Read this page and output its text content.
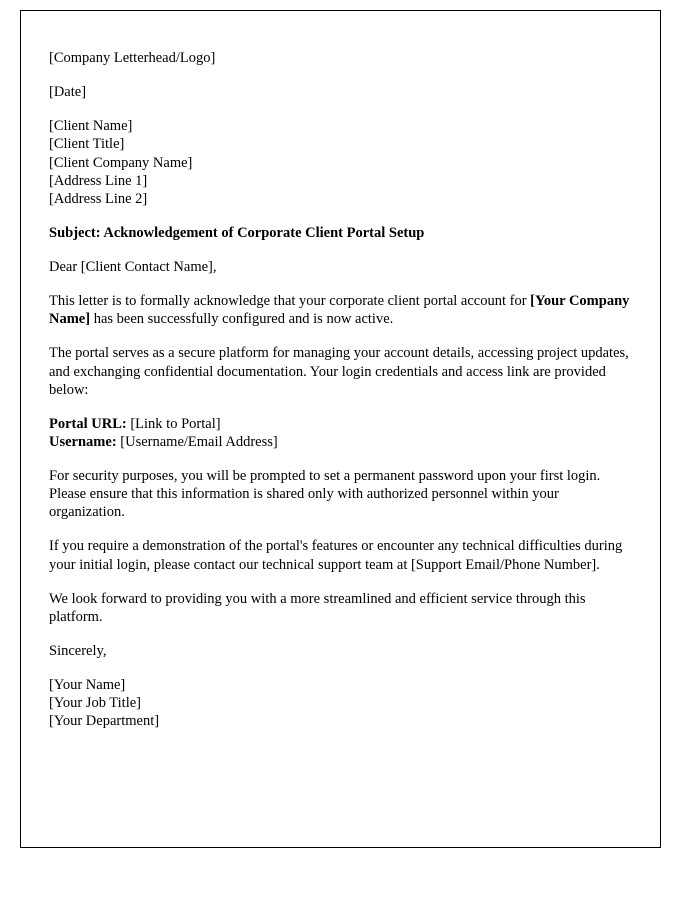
[Company Letterhead/Logo]
[Date]
[Client Name]
[Client Title]
[Client Company Name]
[Address Line 1]
[Address Line 2]
Subject: Acknowledgement of Corporate Client Portal Setup
Dear [Client Contact Name],

This letter is to formally acknowledge that your corporate client portal account for [Your Company Name] has been successfully configured and is now active.

The portal serves as a secure platform for managing your account details, accessing project updates, and exchanging confidential documentation. Your login credentials and access link are provided below:

Portal URL: [Link to Portal]
Username: [Username/Email Address]

For security purposes, you will be prompted to set a permanent password upon your first login. Please ensure that this information is shared only with authorized personnel within your organization.

If you require a demonstration of the portal's features or encounter any technical difficulties during your initial login, please contact our technical support team at [Support Email/Phone Number].

We look forward to providing you with a more streamlined and efficient service through this platform.

Sincerely,
[Your Name]
[Your Job Title]
[Your Department]
